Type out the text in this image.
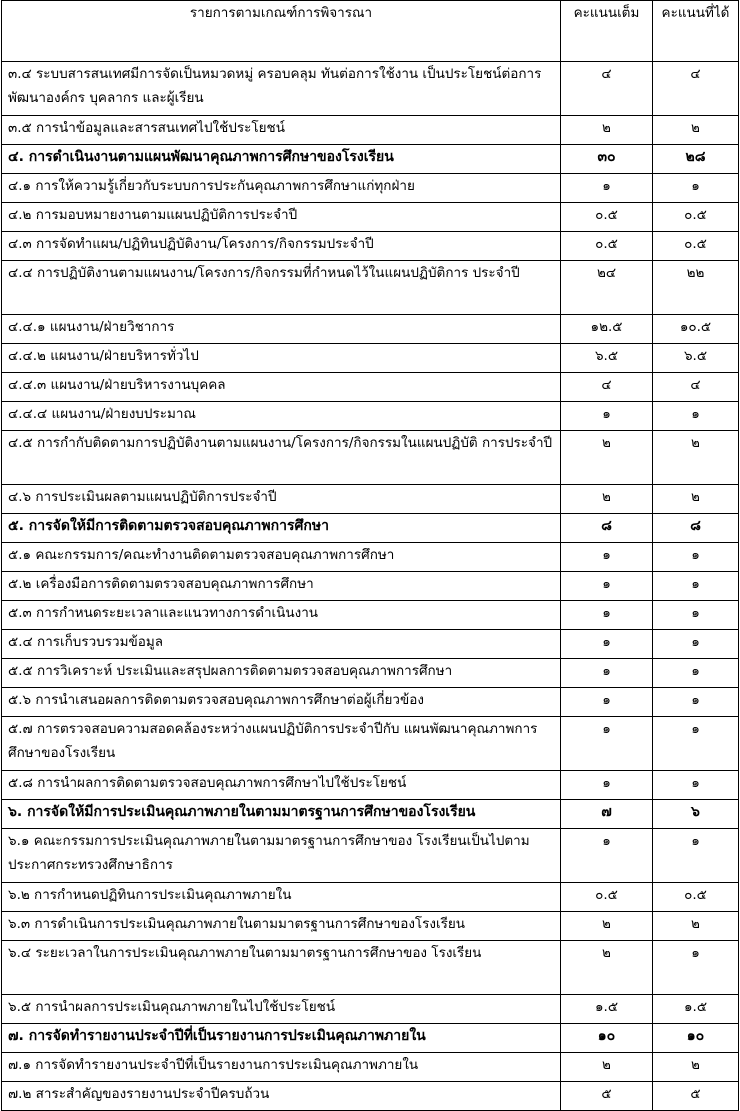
รายการตามเกณฑ์การพิจารณา	คะแนนเต็ม	คะแนนที่ได้
๓.๔ ระบบสารสนเทศมีการจัดเป็นหมวดหมู่ ครอบคลุม ทันต่อการใช้งาน เป็นประโยชน์ต่อการพัฒนาองค์กร บุคลากร และผู้เรียน	๔	๔
๓.๕ การนำข้อมูลและสารสนเทศไปใช้ประโยชน์	๒	๒
๔. การดำเนินงานตามแผนพัฒนาคุณภาพการศึกษาของโรงเรียน	๓๐	๒๘
๔.๑ การให้ความรู้เกี่ยวกับระบบการประกันคุณภาพการศึกษาแก่ทุกฝ่าย	๑	๑
๔.๒ การมอบหมายงานตามแผนปฏิบัติการประจำปี	๐.๕	๐.๕
๔.๓ การจัดทำแผน/ปฏิทินปฏิบัติงาน/โครงการ/กิจกรรมประจำปี	๐.๕	๐.๕
๔.๔ การปฏิบัติงานตามแผนงาน/โครงการ/กิจกรรมที่กำหนดไว้ในแผนปฏิบัติการ ประจำปี	๒๔	๒๒
๔.๔.๑ แผนงาน/ฝ่ายวิชาการ	๑๒.๕	๑๐.๕
๔.๔.๒ แผนงาน/ฝ่ายบริหารทั่วไป	๖.๕	๖.๕
๔.๔.๓ แผนงาน/ฝ่ายบริหารงานบุคคล	๔	๔
๔.๔.๔ แผนงาน/ฝ่ายงบประมาณ	๑	๑
๔.๕ การกำกับติดตามการปฏิบัติงานตามแผนงาน/โครงการ/กิจกรรมในแผนปฏิบัติ การประจำปี	๒	๒
๔.๖ การประเมินผลตามแผนปฏิบัติการประจำปี	๒	๒
๕. การจัดให้มีการติดตามตรวจสอบคุณภาพการศึกษา	๘	๘
๕.๑ คณะกรรมการ/คณะทำงานติดตามตรวจสอบคุณภาพการศึกษา	๑	๑
๕.๒ เครื่องมือการติดตามตรวจสอบคุณภาพการศึกษา	๑	๑
๕.๓ การกำหนดระยะเวลาและแนวทางการดำเนินงาน	๑	๑
๕.๔ การเก็บรวบรวมข้อมูล	๑	๑
๕.๕ การวิเคราะห์ ประเมินและสรุปผลการติดตามตรวจสอบคุณภาพการศึกษา	๑	๑
๕.๖ การนำเสนอผลการติดตามตรวจสอบคุณภาพการศึกษาต่อผู้เกี่ยวข้อง	๑	๑
๕.๗ การตรวจสอบความสอดคล้องระหว่างแผนปฏิบัติการประจำปีกับ แผนพัฒนาคุณภาพการศึกษาของโรงเรียน	๑	๑
๕.๘ การนำผลการติดตามตรวจสอบคุณภาพการศึกษาไปใช้ประโยชน์	๑	๑
๖. การจัดให้มีการประเมินคุณภาพภายในตามมาตรฐานการศึกษาของโรงเรียน	๗	๖
๖.๑ คณะกรรมการประเมินคุณภาพภายในตามมาตรฐานการศึกษาของ โรงเรียนเป็นไปตามประกาศกระทรวงศึกษาธิการ	๑	๑
๖.๒ การกำหนดปฏิทินการประเมินคุณภาพภายใน	๐.๕	๐.๕
๖.๓ การดำเนินการประเมินคุณภาพภายในตามมาตรฐานการศึกษาของโรงเรียน	๒	๒
๖.๔ ระยะเวลาในการประเมินคุณภาพภายในตามมาตรฐานการศึกษาของ โรงเรียน	๒	๑
๖.๕ การนำผลการประเมินคุณภาพภายในไปใช้ประโยชน์	๑.๕	๑.๕
๗. การจัดทำรายงานประจำปีที่เป็นรายงานการประเมินคุณภาพภายใน	๑๐	๑๐
๗.๑ การจัดทำรายงานประจำปีที่เป็นรายงานการประเมินคุณภาพภายใน	๒	๒
๗.๒ สาระสำคัญของรายงานประจำปีครบถ้วน	๕	๕
